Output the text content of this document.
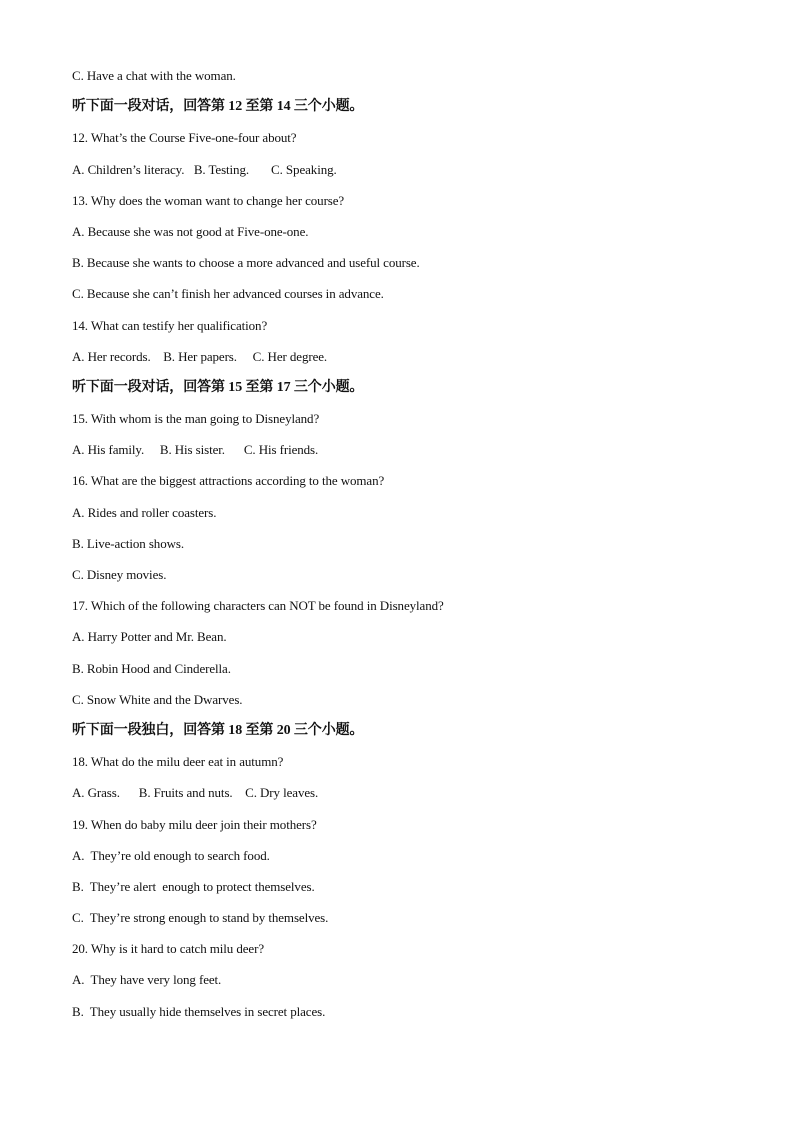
C. Have a chat with the woman.
听下面一段对话，回答第 12 至第 14 三个小题。
12. What’s the Course Five-one-four about?
A. Children’s literacy.   B. Testing.       C. Speaking.
13. Why does the woman want to change her course?
A. Because she was not good at Five-one-one.
B. Because she wants to choose a more advanced and useful course.
C. Because she can’t finish her advanced courses in advance.
14. What can testify her qualification?
A. Her records.    B. Her papers.     C. Her degree.
听下面一段对话，回答第 15 至第 17 三个小题。
15. With whom is the man going to Disneyland?
A. His family.     B. His sister.      C. His friends.
16. What are the biggest attractions according to the woman?
A. Rides and roller coasters.
B. Live-action shows.
C. Disney movies.
17. Which of the following characters can NOT be found in Disneyland?
A. Harry Potter and Mr. Bean.
B. Robin Hood and Cinderella.
C. Snow White and the Dwarves.
听下面一段独白，回答第 18 至第 20 三个小题。
18. What do the milu deer eat in autumn?
A. Grass.      B. Fruits and nuts.    C. Dry leaves.
19. When do baby milu deer join their mothers?
A.  They’re old enough to search food.
B.  They’re alert  enough to protect themselves.
C.  They’re strong enough to stand by themselves.
20. Why is it hard to catch milu deer?
A.  They have very long feet.
B.  They usually hide themselves in secret places.
